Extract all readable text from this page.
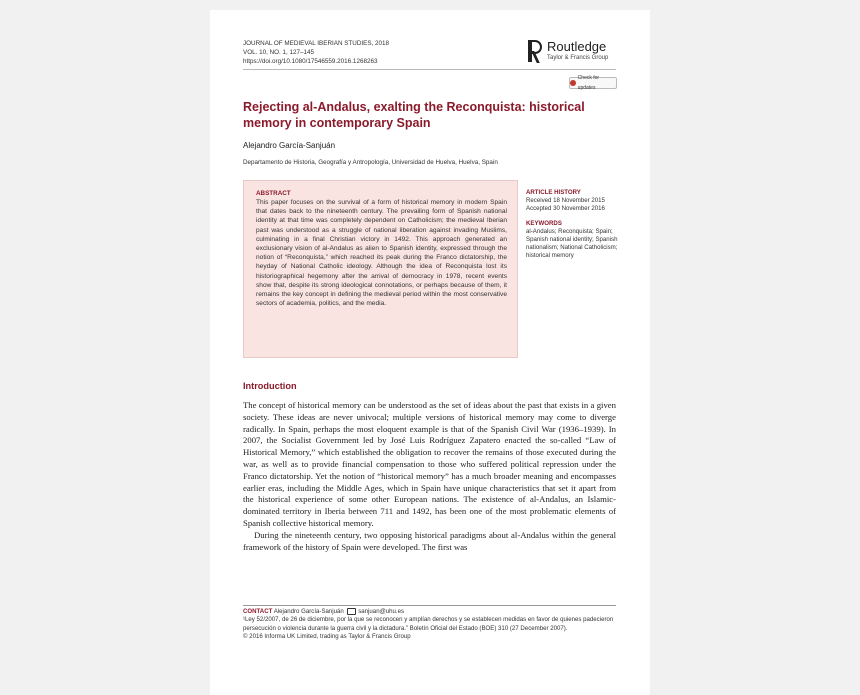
JOURNAL OF MEDIEVAL IBERIAN STUDIES, 2018
VOL. 10, NO. 1, 127–145
https://doi.org/10.1080/17546559.2016.1268263
Routledge
Taylor & Francis Group
Check for updates
Rejecting al-Andalus, exalting the Reconquista: historical memory in contemporary Spain
Alejandro García-Sanjuán
Departamento de Historia, Geografía y Antropología, Universidad de Huelva, Huelva, Spain
ABSTRACT
This paper focuses on the survival of a form of historical memory in modern Spain that dates back to the nineteenth century. The prevailing form of Spanish national identity at that time was completely dependent on Catholicism; the medieval Iberian past was understood as a struggle of national liberation against invading Muslims, culminating in a final Christian victory in 1492. This approach generated an exclusionary vision of al-Andalus as alien to Spanish identity, expressed through the notion of “Reconquista,” which reached its peak during the Franco dictatorship, the heyday of National Catholic ideology. Although the idea of Reconquista lost its historiographical hegemony after the arrival of democracy in 1978, recent events show that, despite its strong ideological connotations, or perhaps because of them, it remains the key concept in defining the medieval period within the most conservative sectors of academia, politics, and the media.
ARTICLE HISTORY
Received 18 November 2015
Accepted 30 November 2016
KEYWORDS
al-Andalus; Reconquista; Spain; Spanish national identity; Spanish nationalism; National Catholicism; historical memory
Introduction

The concept of historical memory can be understood as the set of ideas about the past that exists in a given society. These ideas are never univocal; multiple versions of historical memory may come to diverge radically. In Spain, perhaps the most eloquent example is that of the Spanish Civil War (1936–1939). In 2007, the Socialist Government led by José Luis Rodríguez Zapatero enacted the so-called “Law of Historical Memory,” which established the obligation to recover the remains of those executed during the war, as well as to provide financial compensation to those who suffered political repression under the Franco dictatorship. Yet the notion of “historical memory” has a much broader meaning and encompasses earlier eras, including the Middle Ages, which in Spain have unique characteristics that set it apart from the historical experience of some other European nations. The existence of al-Andalus, an Islamic-dominated territory in Iberia between 711 and 1492, has been one of the most problematic elements of Spanish collective historical memory.

During the nineteenth century, two opposing historical paradigms about al-Andalus within the general framework of the history of Spain were developed. The first was

CONTACT Alejandro García-Sanjuán sanjuan@uhu.es
¹Ley 52/2007, de 26 de diciembre, por la que se reconocen y amplían derechos y se establecen medidas en favor de quienes padecieron persecución o violencia durante la guerra civil y la dictadura.” Boletín Oficial del Estado (BOE) 310 (27 December 2007).
© 2016 Informa UK Limited, trading as Taylor & Francis Group
